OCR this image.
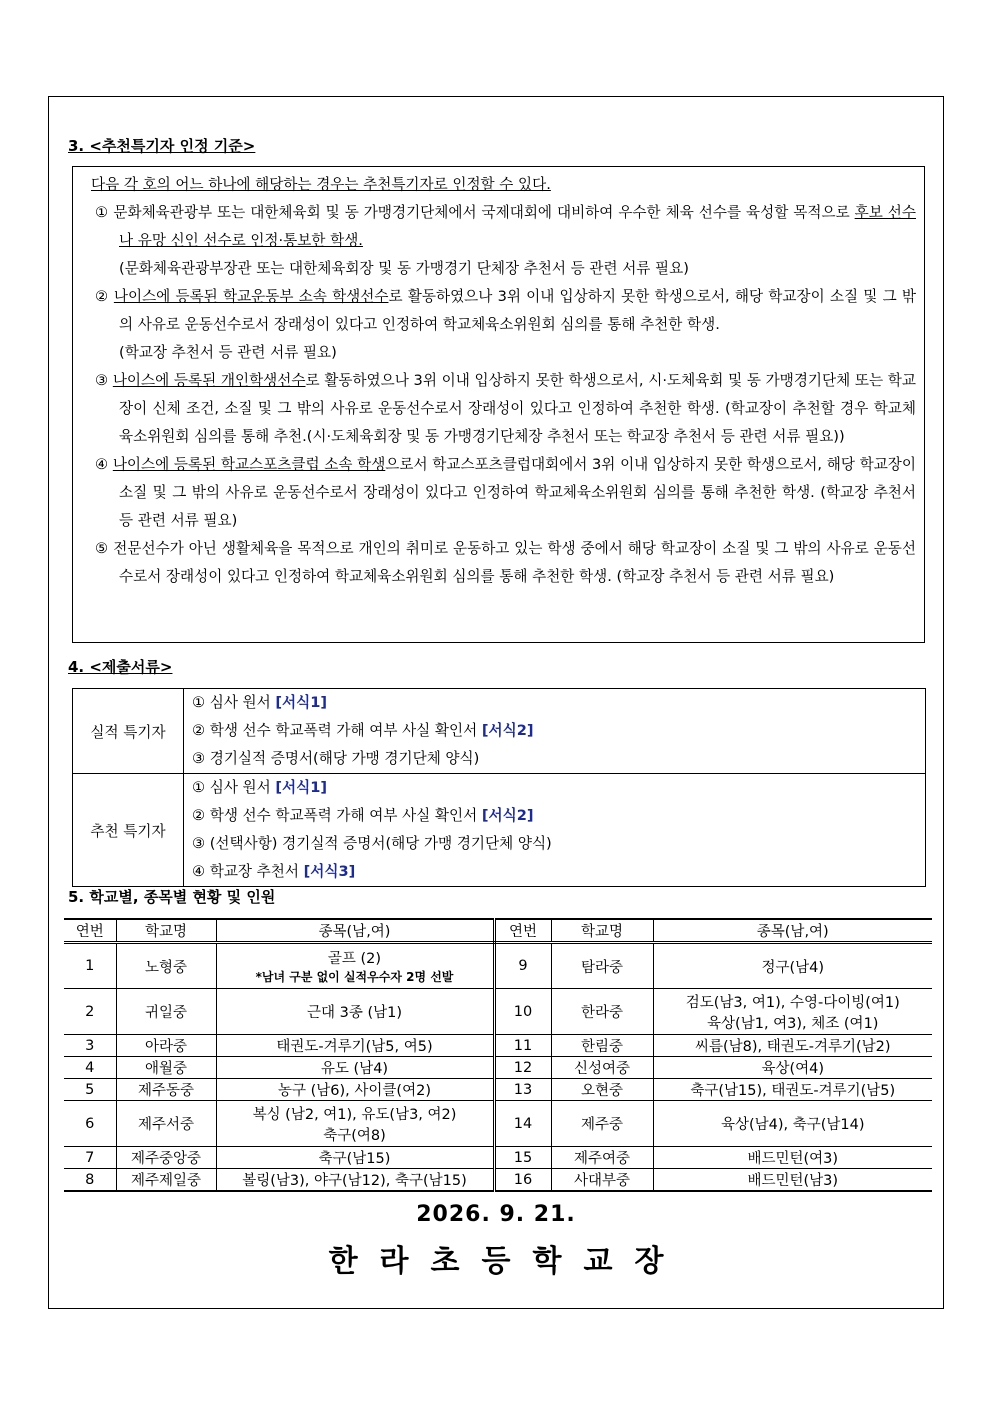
3. <추천특기자 인정 기준>
다음 각 호의 어느 하나에 해당하는 경우는 추천특기자로 인정할 수 있다.
① 문화체육관광부 또는 대한체육회 및 동 가맹경기단체에서 국제대회에 대비하여 우수한 체육 선수를 육성할 목적으로 후보 선수나 유망 신인 선수로 인정·통보한 학생.
(문화체육관광부장관 또는 대한체육회장 및 동 가맹경기 단체장 추천서 등 관련 서류 필요)
② 나이스에 등록된 학교운동부 소속 학생선수로 활동하였으나 3위 이내 입상하지 못한 학생으로서, 해당 학교장이 소질 및 그 밖의 사유로 운동선수로서 장래성이 있다고 인정하여 학교체육소위원회 심의를 통해 추천한 학생.
(학교장 추천서 등 관련 서류 필요)
③ 나이스에 등록된 개인학생선수로 활동하였으나 3위 이내 입상하지 못한 학생으로서, 시·도체육회 및 동 가맹경기단체 또는 학교장이 신체 조건, 소질 및 그 밖의 사유로 운동선수로서 장래성이 있다고 인정하여 추천한 학생. (학교장이 추천할 경우 학교체육소위원회 심의를 통해 추천.(시·도체육회장 및 동 가맹경기단체장 추천서 또는 학교장 추천서 등 관련 서류 필요))
④ 나이스에 등록된 학교스포츠클럽 소속 학생으로서 학교스포츠클럽대회에서 3위 이내 입상하지 못한 학생으로서, 해당 학교장이 소질 및 그 밖의 사유로 운동선수로서 장래성이 있다고 인정하여 학교체육소위원회 심의를 통해 추천한 학생. (학교장 추천서 등 관련 서류 필요)
⑤ 전문선수가 아닌 생활체육을 목적으로 개인의 취미로 운동하고 있는 학생 중에서 해당 학교장이 소질 및 그 밖의 사유로 운동선수로서 장래성이 있다고 인정하여 학교체육소위원회 심의를 통해 추천한 학생. (학교장 추천서 등 관련 서류 필요)
4. <제출서류>
실적 특기자	① 심사 원서 [서식1]
② 학생 선수 학교폭력 가해 여부 사실 확인서 [서식2]
③ 경기실적 증명서(해당 가맹 경기단체 양식)

추천 특기자	① 심사 원서 [서식1]
② 학생 선수 학교폭력 가해 여부 사실 확인서 [서식2]
③ (선택사항) 경기실적 증명서(해당 가맹 경기단체 양식)
④ 학교장 추천서 [서식3]
5. 학교별, 종목별 현황 및 인원
연번	학교명	종목(남,여)	연번	학교명	종목(남,여)
1	노형중	골프 (2)
*남녀 구분 없이 실적우수자 2명 선발	9	탐라중	정구(남4)

2	귀일중	근대 3종 (남1)	10	한라중	검도(남3, 여1), 수영-다이빙(여1)
육상(남1, 여3), 체조 (여1)

3	아라중	태권도-겨루기(남5, 여5)	11	한림중	씨름(남8), 태권도-겨루기(남2)

4	애월중	유도 (남4)	12	신성여중	육상(여4)

5	제주동중	농구 (남6), 사이클(여2)	13	오현중	축구(남15), 태권도-겨루기(남5)

6	제주서중	복싱 (남2, 여1), 유도(남3, 여2)
축구(여8)	14	제주중	육상(남4), 축구(남14)

7	제주중앙중	축구(남15)	15	제주여중	배드민턴(여3)

8	제주제일중	볼링(남3), 야구(남12), 축구(남15)	16	사대부중	배드민턴(남3)
2026. 9. 21.
한라초등학교장
